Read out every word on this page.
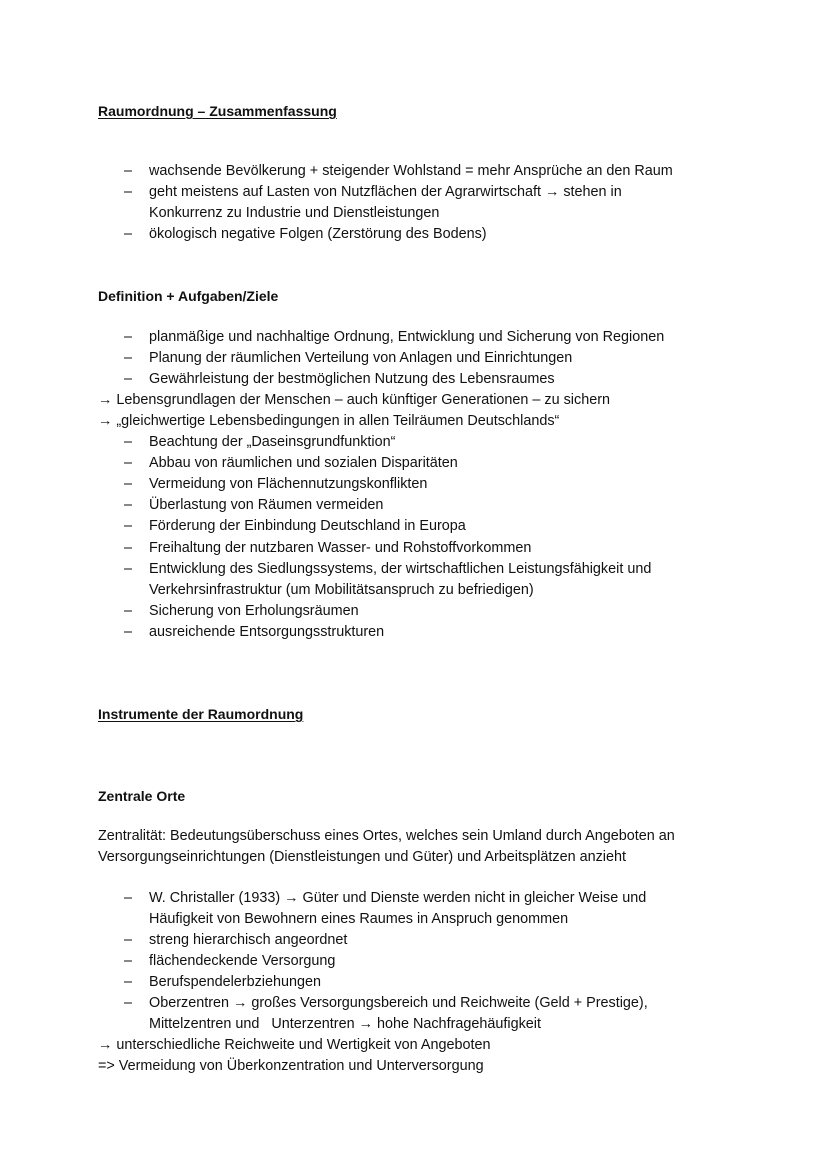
Raumordnung – Zusammenfassung
– wachsende Bevölkerung + steigender Wohlstand = mehr Ansprüche an den Raum
– geht meistens auf Lasten von Nutzflächen der Agrarwirtschaft → stehen in
Konkurrenz zu Industrie und Dienstleistungen
– ökologisch negative Folgen (Zerstörung des Bodens)
Definition + Aufgaben/Ziele
– planmäßige und nachhaltige Ordnung, Entwicklung und Sicherung von Regionen
– Planung der räumlichen Verteilung von Anlagen und Einrichtungen
– Gewährleistung der bestmöglichen Nutzung des Lebensraumes
→ Lebensgrundlagen der Menschen – auch künftiger Generationen – zu sichern
→ „gleichwertige Lebensbedingungen in allen Teilräumen Deutschlands“
– Beachtung der „Daseinsgrundfunktion“
– Abbau von räumlichen und sozialen Disparitäten
– Vermeidung von Flächennutzungskonflikten
– Überlastung von Räumen vermeiden
– Förderung der Einbindung Deutschland in Europa
– Freihaltung der nutzbaren Wasser- und Rohstoffvorkommen
– Entwicklung des Siedlungssystems, der wirtschaftlichen Leistungsfähigkeit und
Verkehrsinfrastruktur (um Mobilitätsanspruch zu befriedigen)
– Sicherung von Erholungsräumen
– ausreichende Entsorgungsstrukturen
Instrumente der Raumordnung
Zentrale Orte
Zentralität: Bedeutungsüberschuss eines Ortes, welches sein Umland durch Angeboten an
Versorgungseinrichtungen (Dienstleistungen und Güter) und Arbeitsplätzen anzieht
– W. Christaller (1933) → Güter und Dienste werden nicht in gleicher Weise und
Häufigkeit von Bewohnern eines Raumes in Anspruch genommen
– streng hierarchisch angeordnet
– flächendeckende Versorgung
– Berufspendelerbziehungen
– Oberzentren → großes Versorgungsbereich und Reichweite (Geld + Prestige),
Mittelzentren und   Unterzentren → hohe Nachfragehäufigkeit
→ unterschiedliche Reichweite und Wertigkeit von Angeboten
=> Vermeidung von Überkonzentration und Unterversorgung
